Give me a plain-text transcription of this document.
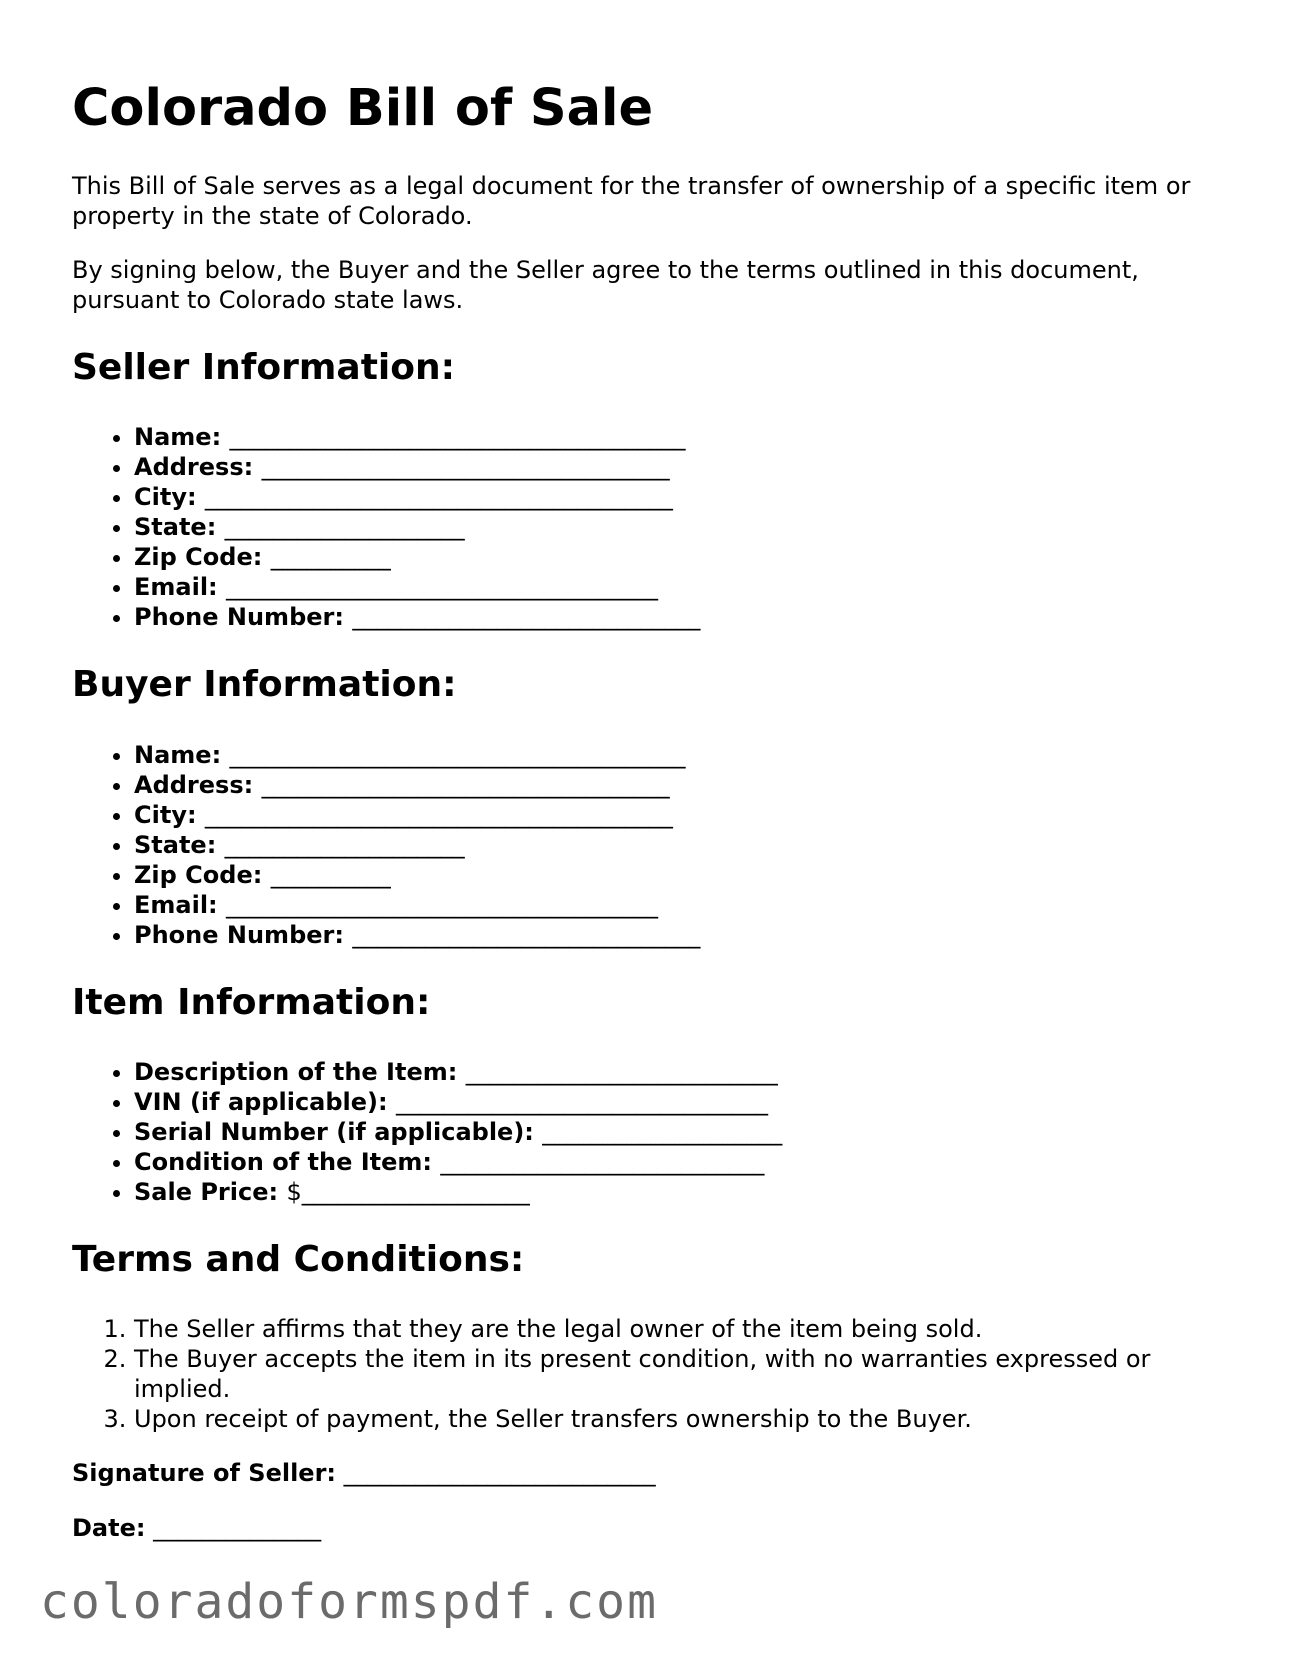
Colorado Bill of Sale

This Bill of Sale serves as a legal document for the transfer of ownership of a specific item or property in the state of Colorado.

By signing below, the Buyer and the Seller agree to the terms outlined in this document, pursuant to Colorado state laws.

Seller Information:
• Name: ______________________________________
• Address: __________________________________
• City: _______________________________________
• State: ____________________
• Zip Code: __________
• Email: ____________________________________
• Phone Number: _____________________________
Buyer Information:
• Name: ______________________________________
• Address: __________________________________
• City: _______________________________________
• State: ____________________
• Zip Code: __________
• Email: ____________________________________
• Phone Number: _____________________________
Item Information:
• Description of the Item: __________________________
• VIN (if applicable): _______________________________
• Serial Number (if applicable): ____________________
• Condition of the Item: ___________________________
• Sale Price: $___________________
Terms and Conditions:
1. The Seller affirms that they are the legal owner of the item being sold.
2. The Buyer accepts the item in its present condition, with no warranties expressed or implied.
3. Upon receipt of payment, the Seller transfers ownership to the Buyer.

Signature of Seller: __________________________

Date: ______________

coloradoformspdf.com
